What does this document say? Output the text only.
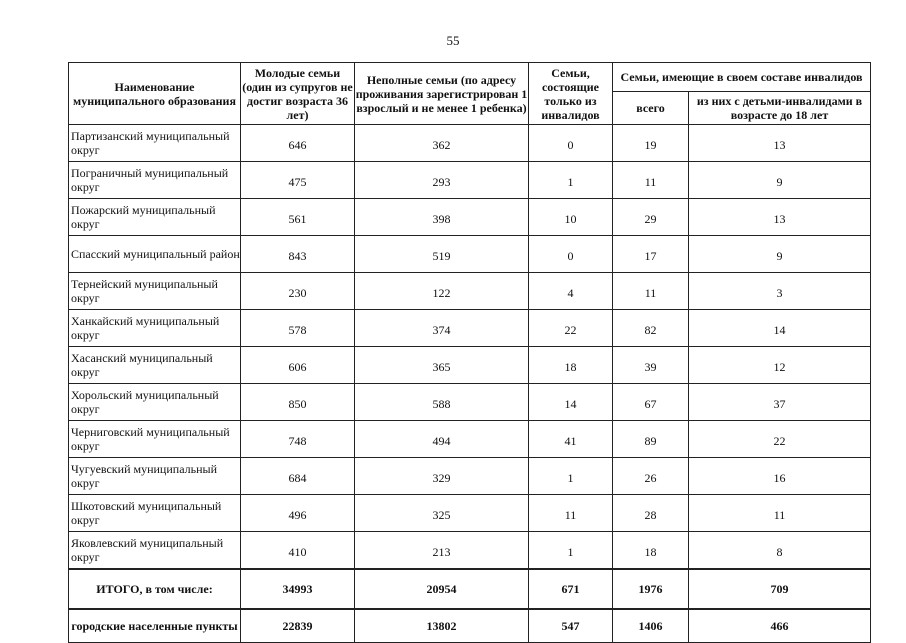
55
Наименование муниципального образования	Молодые семьи (один из супругов не достиг возраста 36 лет)	Неполные семьи (по адресу проживания зарегистрирован 1 взрослый и не менее 1 ребенка)	Семьи, состоящие только из инвалидов	Семьи, имеющие в своем составе инвалидов	
				всего	из них с детьми-инвалидами в возрасте до 18 лет
Партизанский муниципальный округ	646	362	0	19	13
Пограничный муниципальный округ	475	293	1	11	9
Пожарский муниципальный округ	561	398	10	29	13
Спасский муниципальный район	843	519	0	17	9
Тернейский муниципальный округ	230	122	4	11	3
Ханкайский муниципальный округ	578	374	22	82	14
Хасанский муниципальный округ	606	365	18	39	12
Хорольский муниципальный округ	850	588	14	67	37
Черниговский муниципальный округ	748	494	41	89	22
Чугуевский муниципальный округ	684	329	1	26	16
Шкотовский муниципальный округ	496	325	11	28	11
Яковлевский муниципальный округ	410	213	1	18	8
ИТОГО, в том числе:	34993	20954	671	1976	709
городские населенные пункты	22839	13802	547	1406	466
